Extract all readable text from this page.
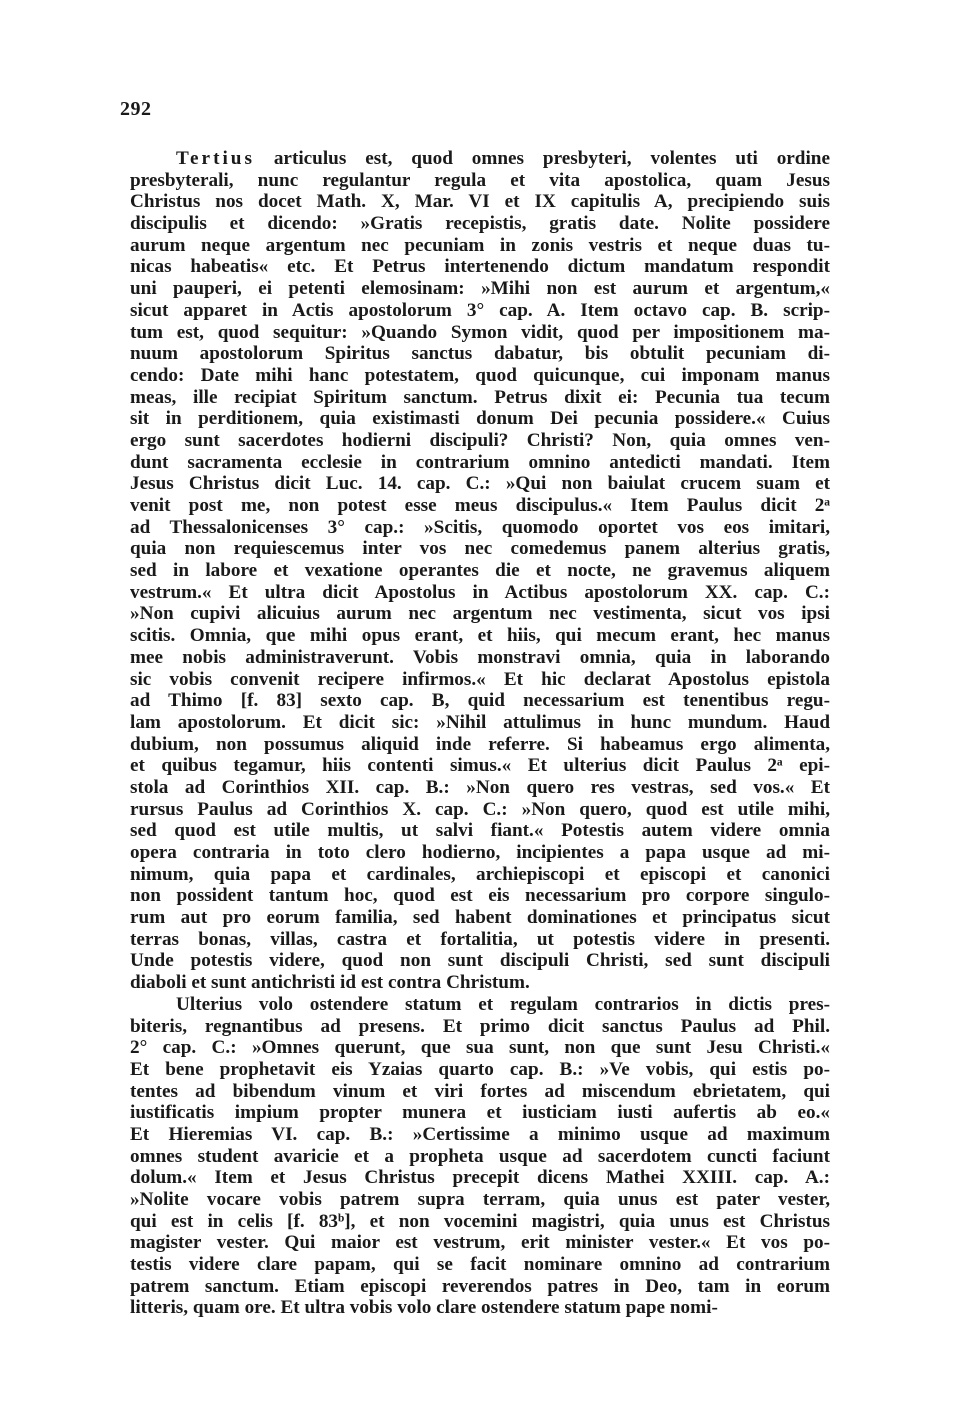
292
Tertius articulus est, quod omnes presbyteri, volentes uti ordine
presbyterali, nunc regulantur regula et vita apostolica, quam Jesus
Christus nos docet Math. X, Mar. VI et IX capitulis A, precipiendo suis
discipulis et dicendo: »Gratis recepistis, gratis date. Nolite possidere
aurum neque argentum nec pecuniam in zonis vestris et neque duas tu-
nicas habeatis« etc. Et Petrus intertenendo dictum mandatum respondit
uni pauperi, ei petenti elemosinam: »Mihi non est aurum et argentum,«
sicut apparet in Actis apostolorum 3° cap. A. Item octavo cap. B. scrip-
tum est, quod sequitur: »Quando Symon vidit, quod per impositionem ma-
nuum apostolorum Spiritus sanctus dabatur, bis obtulit pecuniam di-
cendo: Date mihi hanc potestatem, quod quicunque, cui imponam manus
meas, ille recipiat Spiritum sanctum. Petrus dixit ei: Pecunia tua tecum
sit in perditionem, quia existimasti donum Dei pecunia possidere.« Cuius
ergo sunt sacerdotes hodierni discipuli? Christi? Non, quia omnes ven-
dunt sacramenta ecclesie in contrarium omnino antedicti mandati. Item
Jesus Christus dicit Luc. 14. cap. C.: »Qui non baiulat crucem suam et
venit post me, non potest esse meus discipulus.« Item Paulus dicit 2ᵃ
ad Thessalonicenses 3° cap.: »Scitis, quomodo oportet vos eos imitari,
quia non requiescemus inter vos nec comedemus panem alterius gratis,
sed in labore et vexatione operantes die et nocte, ne gravemus aliquem
vestrum.« Et ultra dicit Apostolus in Actibus apostolorum XX. cap. C.:
»Non cupivi alicuius aurum nec argentum nec vestimenta, sicut vos ipsi
scitis. Omnia, que mihi opus erant, et hiis, qui mecum erant, hec manus
mee nobis administraverunt. Vobis monstravi omnia, quia in laborando
sic vobis convenit recipere infirmos.« Et hic declarat Apostolus epistola
ad Thimo [f. 83] sexto cap. B, quid necessarium est tenentibus regu-
lam apostolorum. Et dicit sic: »Nihil attulimus in hunc mundum. Haud
dubium, non possumus aliquid inde referre. Si habeamus ergo alimenta,
et quibus tegamur, hiis contenti simus.« Et ulterius dicit Paulus 2ᵃ epi-
stola ad Corinthios XII. cap. B.: »Non quero res vestras, sed vos.« Et
rursus Paulus ad Corinthios X. cap. C.: »Non quero, quod est utile mihi,
sed quod est utile multis, ut salvi fiant.« Potestis autem videre omnia
opera contraria in toto clero hodierno, incipientes a papa usque ad mi-
nimum, quia papa et cardinales, archiepiscopi et episcopi et canonici
non possident tantum hoc, quod est eis necessarium pro corpore singulo-
rum aut pro eorum familia, sed habent dominationes et principatus sicut
terras bonas, villas, castra et fortalitia, ut potestis videre in presenti.
Unde potestis videre, quod non sunt discipuli Christi, sed sunt discipuli
diaboli et sunt antichristi id est contra Christum.
Ulterius volo ostendere statum et regulam contrarios in dictis pres-
biteris, regnantibus ad presens. Et primo dicit sanctus Paulus ad Phil.
2° cap. C.: »Omnes querunt, que sua sunt, non que sunt Jesu Christi.«
Et bene prophetavit eis Yzaias quarto cap. B.: »Ve vobis, qui estis po-
tentes ad bibendum vinum et viri fortes ad miscendum ebrietatem, qui
iustificatis impium propter munera et iusticiam iusti aufertis ab eo.«
Et Hieremias VI. cap. B.: »Certissime a minimo usque ad maximum
omnes student avaricie et a propheta usque ad sacerdotem cuncti faciunt
dolum.« Item et Jesus Christus precepit dicens Mathei XXIII. cap. A.:
»Nolite vocare vobis patrem supra terram, quia unus est pater vester,
qui est in celis [f. 83ᵇ], et non vocemini magistri, quia unus est Christus
magister vester. Qui maior est vestrum, erit minister vester.« Et vos po-
testis videre clare papam, qui se facit nominare omnino ad contrarium
patrem sanctum. Etiam episcopi reverendos patres in Deo, tam in eorum
litteris, quam ore. Et ultra vobis volo clare ostendere statum pape nomi-
